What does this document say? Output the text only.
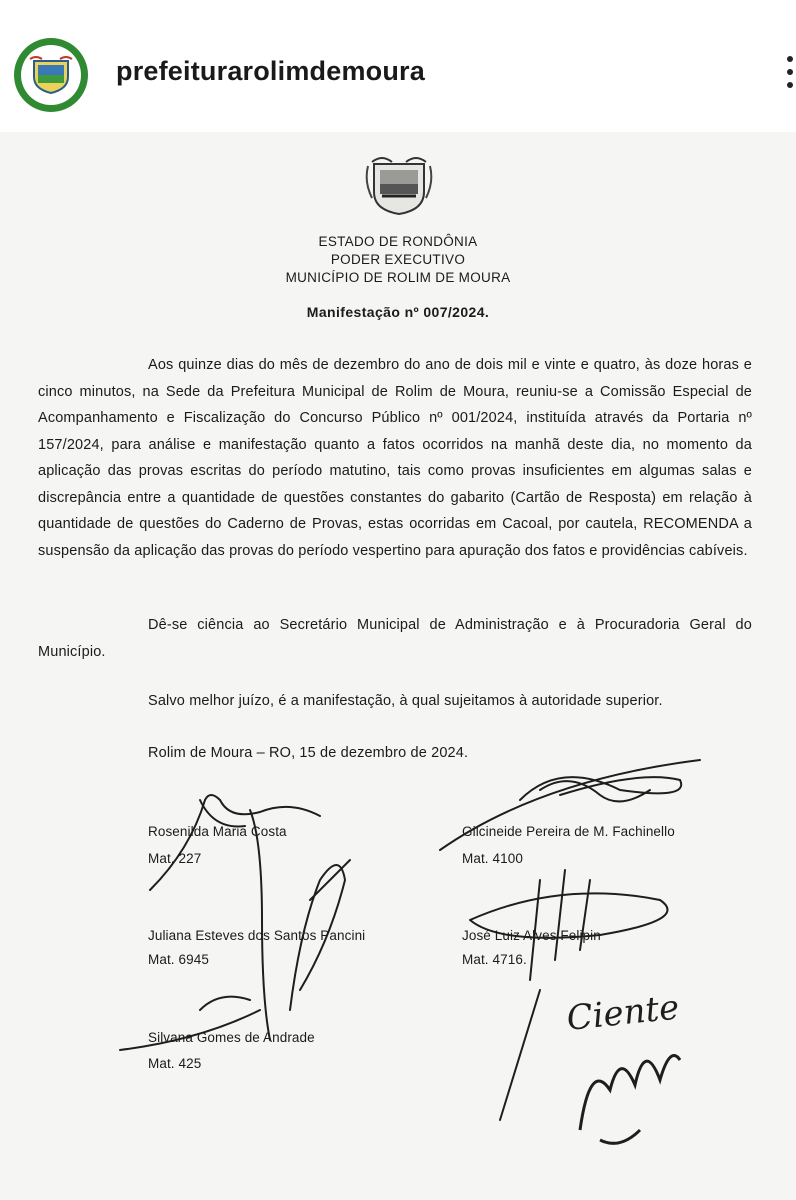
prefeiturarolimdemoura
ESTADO DE RONDÔNIA
PODER EXECUTIVO
MUNICÍPIO DE ROLIM DE MOURA
Manifestação nº 007/2024.
Aos quinze dias do mês de dezembro do ano de dois mil e vinte e quatro, às doze horas e cinco minutos, na Sede da Prefeitura Municipal de Rolim de Moura, reuniu-se a Comissão Especial de Acompanhamento e Fiscalização do Concurso Público nº 001/2024, instituída através da Portaria nº 157/2024, para análise e manifestação quanto a fatos ocorridos na manhã deste dia, no momento da aplicação das provas escritas do período matutino, tais como provas insuficientes em algumas salas e discrepância entre a quantidade de questões constantes do gabarito (Cartão de Resposta) em relação à quantidade de questões do Caderno de Provas, estas ocorridas em Cacoal, por cautela, RECOMENDA a suspensão da aplicação das provas do período vespertino para apuração dos fatos e providências cabíveis.
Dê-se ciência ao Secretário Municipal de Administração e à Procuradoria Geral do Município.
Salvo melhor juízo, é a manifestação, à qual sujeitamos à autoridade superior.
Rolim de Moura – RO, 15 de dezembro de 2024.
Rosenilda Maria Costa
Mat. 227
Gilcineide Pereira de M. Fachinello
Mat. 4100
Juliana Esteves dos Santos Pancini
Mat. 6945
José Luiz Alves Felipin
Mat. 4716.
Silvana Gomes de Andrade
Mat. 425
Ciente
